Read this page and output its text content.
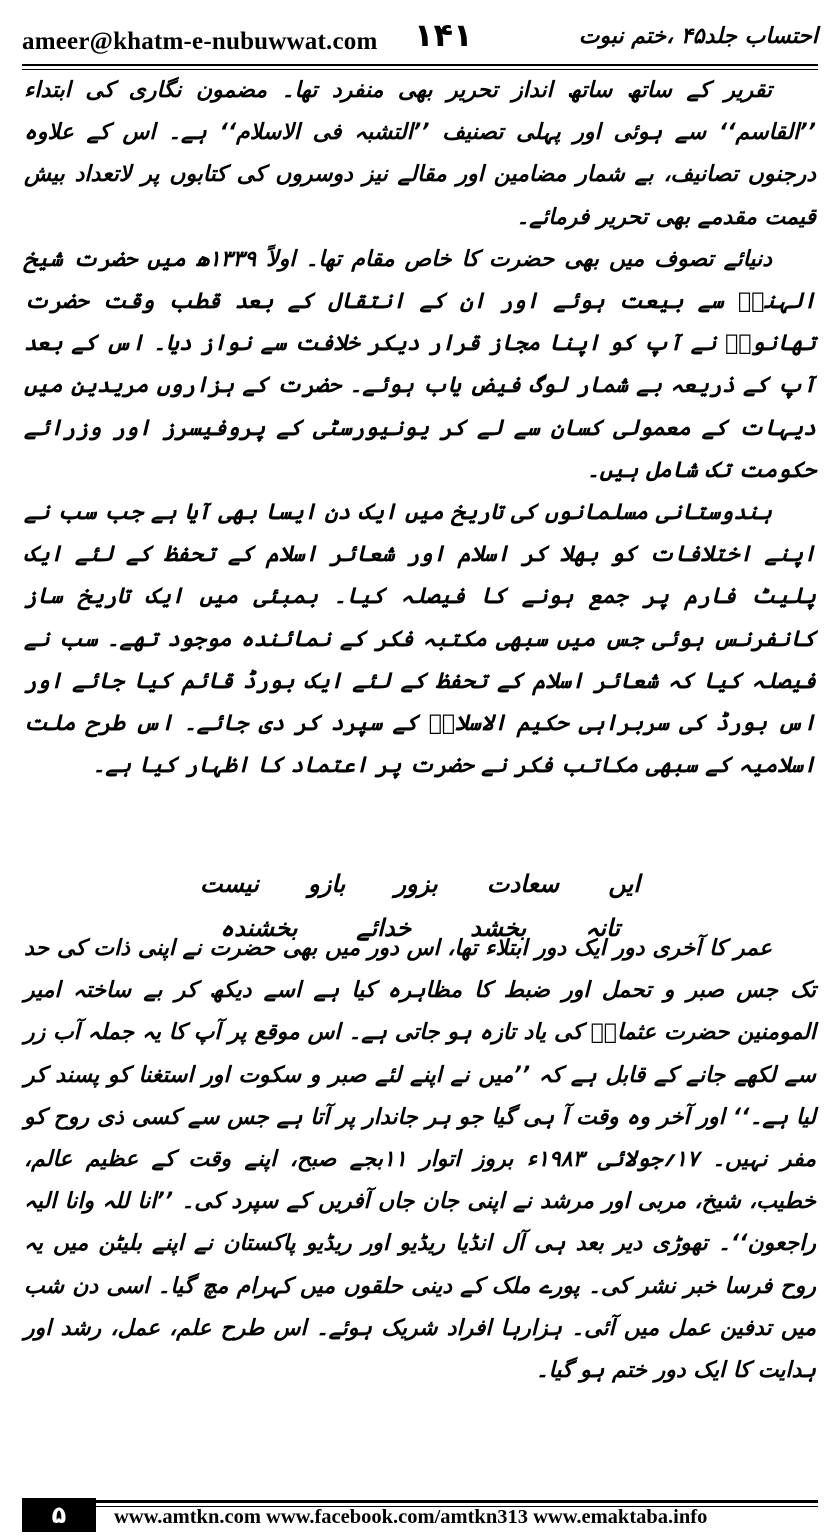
ameer@khatm-e-nubuwwat.com ۱۴۱	احتساب جلد۴۵ ،ختم نبوت

تقریر کے ساتھ ساتھ انداز تحریر بھی منفرد تھا۔ مضمون نگاری کی ابتداء ’’القاسم‘‘ سے ہوئی اور پہلی تصنیف ’’التشبہ فی الاسلام‘‘ ہے۔ اس کے علاوہ درجنوں تصانیف، بے شمار مضامین اور مقالے نیز دوسروں کی کتابوں پر لاتعداد بیش قیمت مقدمے بھی تحریر فرمائے۔

دنیائے تصوف میں بھی حضرت کا خاص مقام تھا۔ اولاً ۱۳۳۹ھ میں حضرت شیخ الہندؒ سے بیعت ہوئے اور ان کے انتقال کے بعد قطب وقت حضرت تھانویؒ نے آپ کو اپنا مجاز قرار دیکر خلافت سے نواز دیا۔ اس کے بعد آپ کے ذریعہ بے شمار لوگ فیض یاب ہوئے۔ حضرت کے ہزاروں مریدین میں دیہات کے معمولی کسان سے لے کر یونیورسٹی کے پروفیسرز اور وزرائے حکومت تک شامل ہیں۔

ہندوستانی مسلمانوں کی تاریخ میں ایک دن ایسا بھی آیا ہے جب سب نے اپنے اختلافات کو بھلا کر اسلام اور شعائر اسلام کے تحفظ کے لئے ایک پلیٹ فارم پر جمع ہونے کا فیصلہ کیا۔ بمبئی میں ایک تاریخ ساز کانفرنس ہوئی جس میں سبھی مکتبہ فکر کے نمائندہ موجود تھے۔ سب نے فیصلہ کیا کہ شعائر اسلام کے تحفظ کے لئے ایک بورڈ قائم کیا جائے اور اس بورڈ کی سربراہی حکیم الاسلامؒ کے سپرد کر دی جائے۔ اس طرح ملت اسلامیہ کے سبھی مکاتب فکر نے حضرت پر اعتماد کا اظہار کیا ہے۔

ایں
سعادت
بزور
بازو
نیست
تانہ
بخشد
خدائے
بخشندہ

عمر کا آخری دور ایک دور ابتلاء تھا، اس دور میں بھی حضرت نے اپنی ذات کی حد تک جس صبر و تحمل اور ضبط کا مظاہرہ کیا ہے اسے دیکھ کر بے ساختہ امیر المومنین حضرت عثمانؓ کی یاد تازہ ہو جاتی ہے۔ اس موقع پر آپ کا یہ جملہ آب زر سے لکھے جانے کے قابل ہے کہ ’’میں نے اپنے لئے صبر و سکوت اور استغنا کو پسند کر لیا ہے۔‘‘ اور آخر وہ وقت آ ہی گیا جو ہر جاندار پر آتا ہے جس سے کسی ذی روح کو مفر نہیں۔ ۱۷؍جولائی ۱۹۸۳ء بروز اتوار ۱۱بجے صبح، اپنے وقت کے عظیم عالم، خطیب، شیخ، مربی اور مرشد نے اپنی جان جاں آفریں کے سپرد کی۔ ’’انا للہ وانا الیہ راجعون‘‘۔ تھوڑی دیر بعد ہی آل انڈیا ریڈیو اور ریڈیو پاکستان نے اپنے بلیٹن میں یہ روح فرسا خبر نشر کی۔ پورے ملک کے دینی حلقوں میں کہرام مچ گیا۔ اسی دن شب میں تدفین عمل میں آئی۔ ہزارہا افراد شریک ہوئے۔ اس طرح علم، عمل، رشد اور ہدایت کا ایک دور ختم ہو گیا۔

۵	www.amtkn.com www.facebook.com/amtkn313 www.emaktaba.info
